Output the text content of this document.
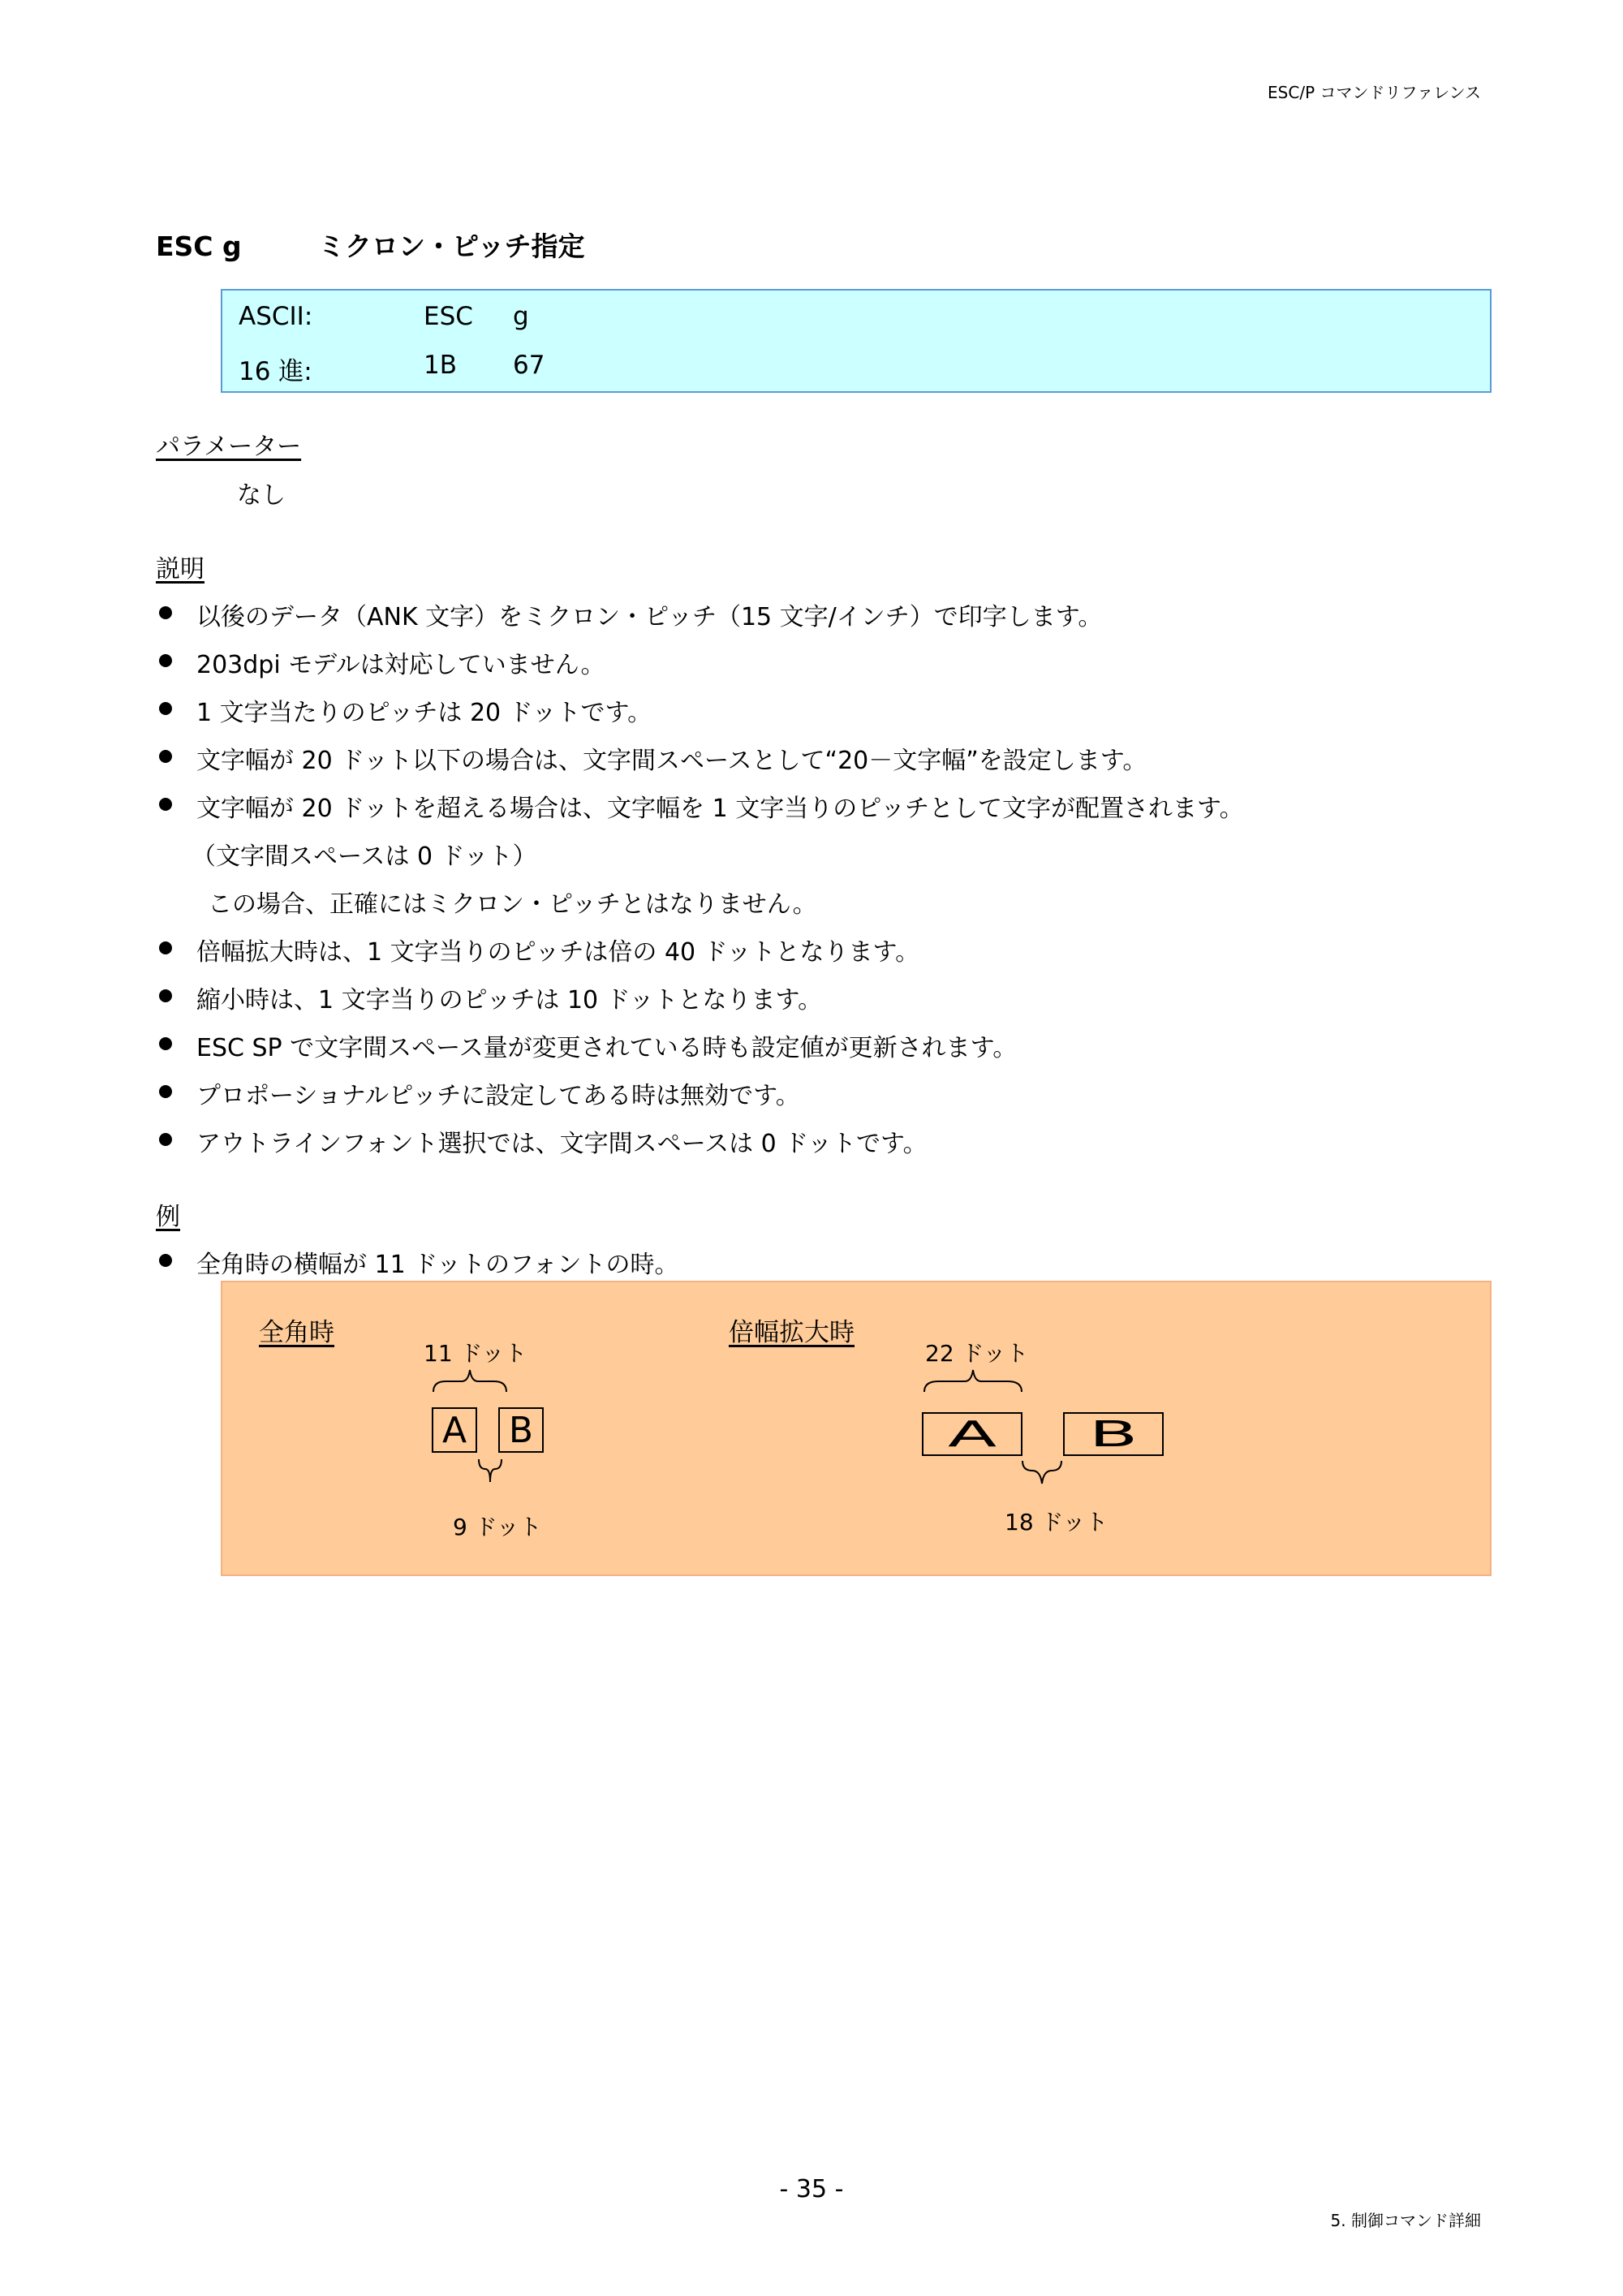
ESC/P コマンドリファレンス
ESC g	ミクロン・ピッチ指定
ASCII:	ESC g
16 進:	1B 67
パラメーター
なし
説明
以後のデータ（ANK 文字）をミクロン・ピッチ（15 文字/インチ）で印字します。
203dpi モデルは対応していません。
1 文字当たりのピッチは 20 ドットです。
文字幅が 20 ドット以下の場合は、文字間スペースとして“20－文字幅”を設定します。
文字幅が 20 ドットを超える場合は、文字幅を 1 文字当りのピッチとして文字が配置されます。
（文字間スペースは 0 ドット）
この場合、正確にはミクロン・ピッチとはなりません。
倍幅拡大時は、1 文字当りのピッチは倍の 40 ドットとなります。
縮小時は、1 文字当りのピッチは 10 ドットとなります。
ESC SP で文字間スペース量が変更されている時も設定値が更新されます。
プロポーショナルピッチに設定してある時は無効です。
アウトラインフォント選択では、文字間スペースは 0 ドットです。
例
全角時の横幅が 11 ドットのフォントの時。
全角時
11 ドット
A B
9 ドット
倍幅拡大時
22 ドット
A	B
18 ドット
- 35 -
5. 制御コマンド詳細
